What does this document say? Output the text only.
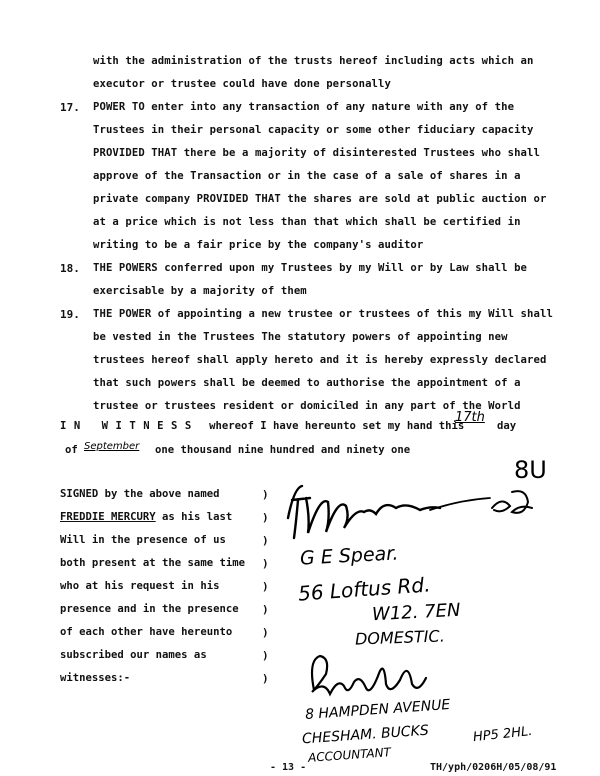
with the administration of the trusts hereof including acts which an
executor or trustee could have done personally
17. POWER TO enter into any transaction of any nature with any of the
Trustees in their personal capacity or some other fiduciary capacity
PROVIDED THAT there be a majority of disinterested Trustees who shall
approve of the Transaction or in the case of a sale of shares in a
private company PROVIDED THAT the shares are sold at public auction or
at a price which is not less than that which shall be certified in
writing to be a fair price by the company's auditor
18. THE POWERS conferred upon my Trustees by my Will or by Law shall be
exercisable by a majority of them
19. THE POWER of appointing a new trustee or trustees of this my Will shall
be vested in the Trustees The statutory powers of appointing new
trustees hereof shall apply hereto and it is hereby expressly declared
that such powers shall be deemed to authorise the appointment of a
trustee or trustees resident or domiciled in any part of the World
IN WITNESS whereof I have hereunto set my hand this
17th
day
of September one thousand nine hundred and ninety one
SIGNED by the above named
FREDDIE MERCURY as his last
Will in the presence of us
both present at the same time
who at his request in his
presence and in the presence
of each other have hereunto
subscribed our names as
witnesses:-
)
)
)
)
)
)
)
)
)
8U
G E Spear.
56 Loftus Rd.
W12. 7EN
DOMESTIC.
8 HAMPDEN AVENUE
CHESHAM. BUCKS	HP5 2HL.
ACCOUNTANT
- 13 -	TH/yph/0206H/05/08/91
